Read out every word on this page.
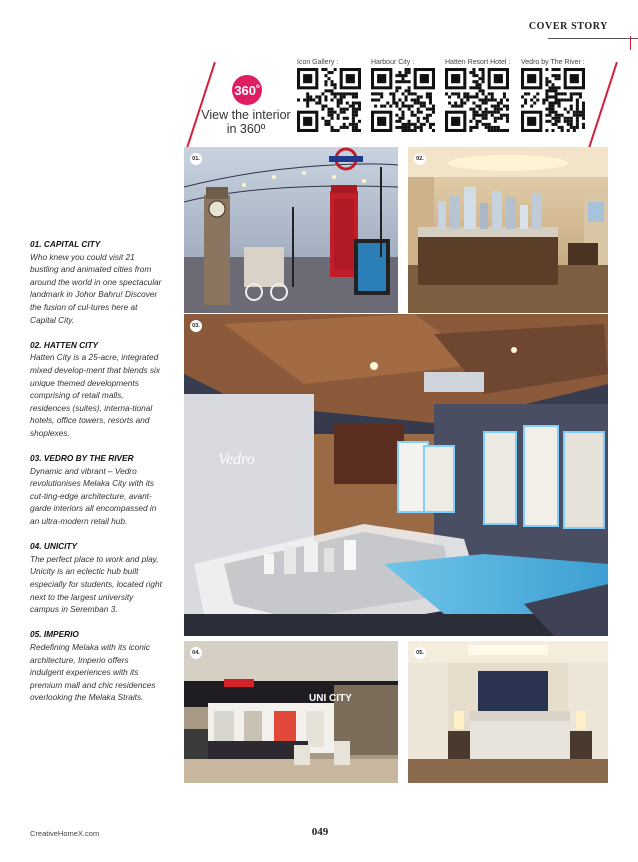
COVER STORY
360$^o$
View the interior in 360º
Icon Gallery :	Harbour City :	Hatten Resort Hotel : Vedro by The River :
01. CAPITAL CITY
Who knew you could visit 21 bustling and animated cities from around the world in one spectacular landmark in Johor Bahru! Discover the fusion of cul-tures here at Capital City.
02. HATTEN CITY
Hatten City is a 25-acre, integrated mixed develop-ment that blends six unique themed developments comprising of retail malls, residences (suites), interna-tional hotels, office towers, resorts and shoplexes.
03. VEDRO BY THE RIVER
Dynamic and vibrant – Vedro revolutionises Melaka City with its cut-ting-edge architecture, avant-garde interiors all encompassed in an ultra-modern retail hub.
04. UNICITY
The perfect place to work and play, Unicity is an eclectic hub built especially for students, located right next to the largest university campus in Seremban 3.
05. IMPERIO
Redefining Melaka with its iconic architecture, Imperio offers indulgent experiences with its premium mall and chic residences overlooking the Melaka Straits.
01.	02.
Vedro
03.
UNI CITY
04.	05.
CreativeHomeX.com	049
